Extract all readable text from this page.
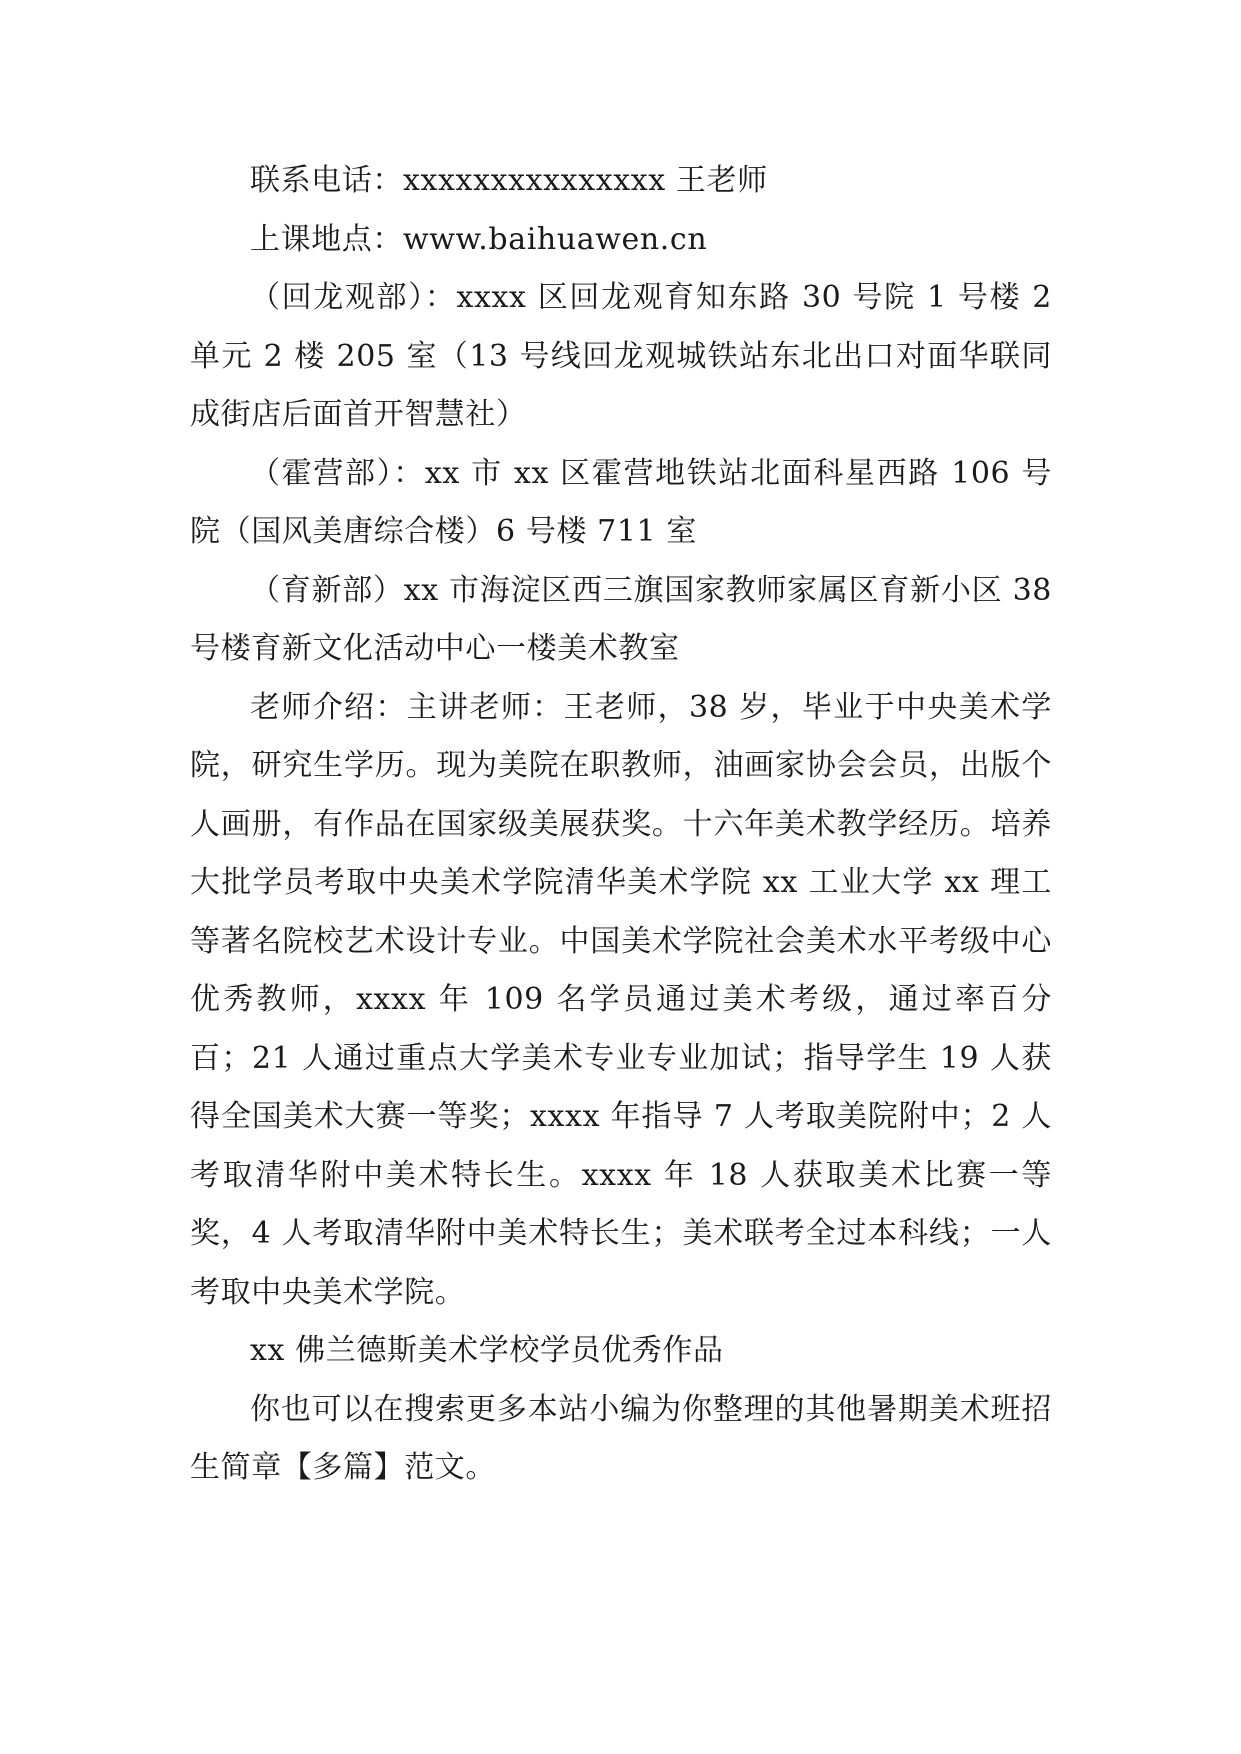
联系电话：xxxxxxxxxxxxxxx 王老师

上课地点：www.baihuawen.cn

（回龙观部）：xxxx 区回龙观育知东路 30 号院 1 号楼 2 单元 2 楼 205 室（13 号线回龙观城铁站东北出口对面华联同成街店后面首开智慧社）

（霍营部）：xx 市 xx 区霍营地铁站北面科星西路 106 号院（国风美唐综合楼）6 号楼 711 室

（育新部）xx 市海淀区西三旗国家教师家属区育新小区 38 号楼育新文化活动中心一楼美术教室

老师介绍：主讲老师：王老师，38 岁，毕业于中央美术学院，研究生学历。现为美院在职教师，油画家协会会员，出版个人画册，有作品在国家级美展获奖。十六年美术教学经历。培养大批学员考取中央美术学院清华美术学院 xx 工业大学 xx 理工等著名院校艺术设计专业。中国美术学院社会美术水平考级中心优秀教师，xxxx 年 109 名学员通过美术考级，通过率百分百；21 人通过重点大学美术专业专业加试；指导学生 19 人获得全国美术大赛一等奖；xxxx 年指导 7 人考取美院附中；2 人考取清华附中美术特长生。xxxx 年 18 人获取美术比赛一等奖，4 人考取清华附中美术特长生；美术联考全过本科线；一人考取中央美术学院。

xx 佛兰德斯美术学校学员优秀作品

你也可以在搜索更多本站小编为你整理的其他暑期美术班招生简章【多篇】范文。
